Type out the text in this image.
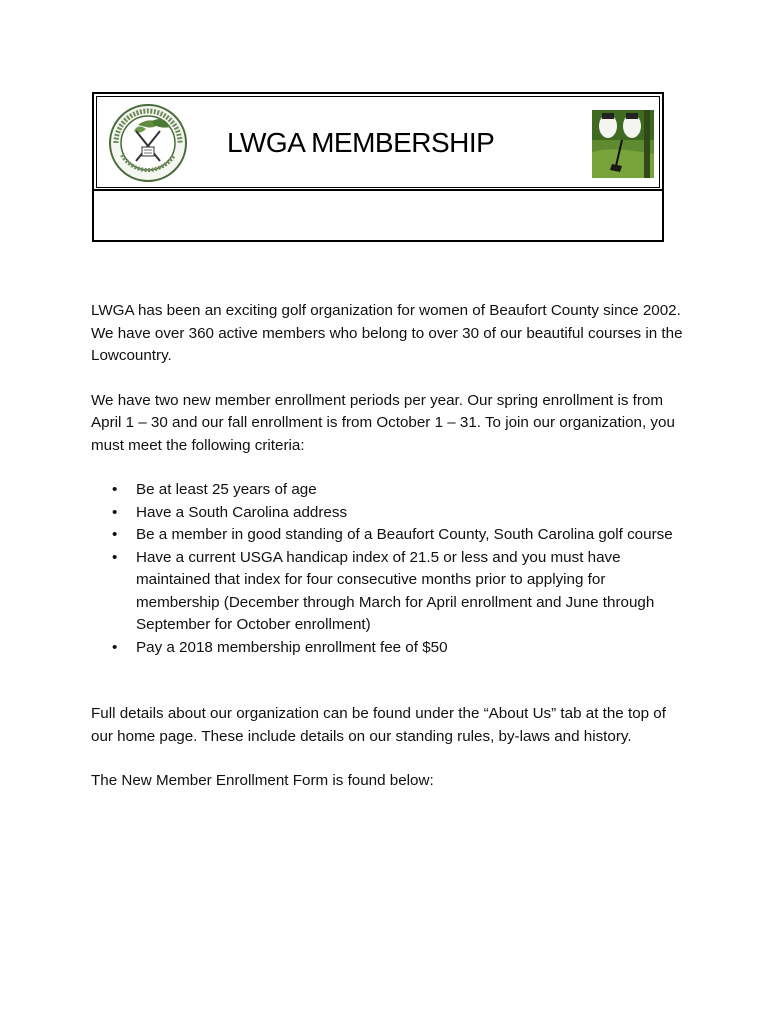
LWGA MEMBERSHIP

LWGA has been an exciting golf organization for women of Beaufort County since 2002. We have over 360 active members who belong to over 30 of our beautiful courses in the Lowcountry.

We have two new member enrollment periods per year. Our spring enrollment is from April 1 – 30 and our fall enrollment is from October 1 – 31. To join our organization, you must meet the following criteria:

• Be at least 25 years of age
• Have a South Carolina address
• Be a member in good standing of a Beaufort County, South Carolina golf course
• Have a current USGA handicap index of 21.5 or less and you must have maintained that index for four consecutive months prior to applying for membership (December through March for April enrollment and June through September for October enrollment)
• Pay a 2018 membership enrollment fee of $50

Full details about our organization can be found under the “About Us” tab at the top of our home page. These include details on our standing rules, by-laws and history.

The New Member Enrollment Form is found below:
